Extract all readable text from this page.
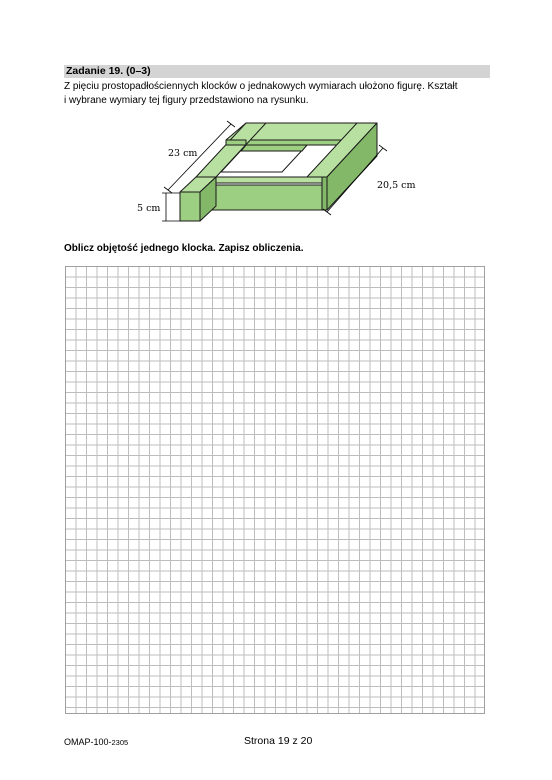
Zadanie 19. (0–3)
Z pięciu prostopadłościennych klocków o jednakowych wymiarach ułożono figurę. Kształt
i wybrane wymiary tej figury przedstawiono na rysunku.
23 cm
20,5 cm
5 cm
Oblicz objętość jednego klocka. Zapisz obliczenia.
OMAP-100-2305	Strona 19 z 20
